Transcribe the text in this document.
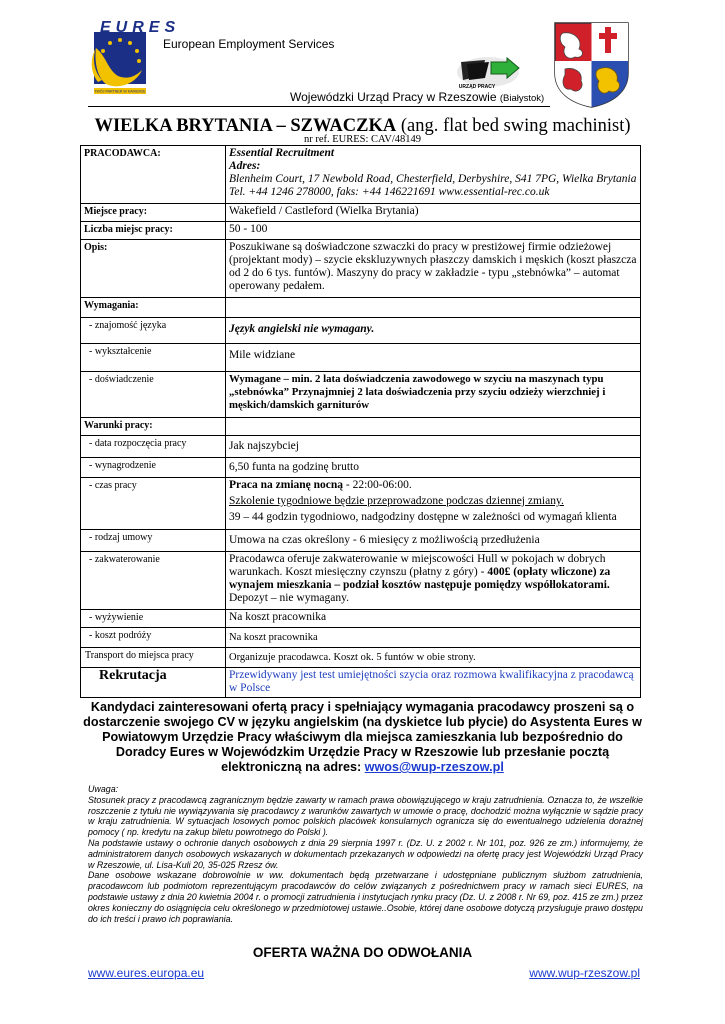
TWÓJ PARTNER W KARIERZE
EURES
European Employment Services
URZĄD PRACY
Wojewódzki Urząd Pracy w Rzeszowie (Białystok)
WIELKA BRYTANIA – SZWACZKA (ang. flat bed swing machinist)
nr ref. EURES: CAV/48149
PRACODAWCA:	Essential Recruitment
Adres:
Blenheim Court, 17 Newbold Road, Chesterfield, Derbyshire, S41 7PG, Wielka Brytania Tel. +44 1246 278000, faks: +44 146221691 www.essential-rec.co.uk

Miejsce pracy:	Wakefield / Castleford (Wielka Brytania)
Liczba miejsc pracy:	50 - 100
Opis:	Poszukiwane są doświadczone szwaczki do pracy w prestiżowej firmie odzieżowej (projektant mody) – szycie ekskluzywnych płaszczy damskich i męskich (koszt płaszcza od 2 do 6 tys. funtów). Maszyny do pracy w zakładzie - typu „stebnówka” – automat operowany pedałem.
Wymagania:	
- znajomość języka	Język angielski nie wymagany.
- wykształcenie	Mile widziane
- doświadczenie	Wymagane – min. 2 lata doświadczenia zawodowego w szyciu na maszynach typu „stebnówka” Przynajmniej 2 lata doświadczenia przy szyciu odzieży wierzchniej i męskich/damskich garniturów
Warunki pracy:	
- data rozpoczęcia pracy	Jak najszybciej
- wynagrodzenie	6,50 funta na godzinę brutto
- czas pracy	Praca na zmianę nocną - 22:00-06:00.
Szkolenie tygodniowe będzie przeprowadzone podczas dziennej zmiany.
39 – 44 godzin tygodniowo, nadgodziny dostępne w zależności od wymagań klienta

- rodzaj umowy	Umowa na czas określony - 6 miesięcy z możliwością przedłużenia
- zakwaterowanie	Pracodawca oferuje zakwaterowanie w miejscowości Hull w pokojach w dobrych warunkach. Koszt miesięczny czynszu (płatny z góry) - 400£ (opłaty wliczone) za wynajem mieszkania – podział kosztów następuje pomiędzy współlokatorami.
Depozyt – nie wymagany.

- wyżywienie	Na koszt pracownika
- koszt podróży	Na koszt pracownika
Transport do miejsca pracy	Organizuje pracodawca. Koszt ok. 5 funtów w obie strony.
Rekrutacja	Przewidywany jest test umiejętności szycia oraz rozmowa kwalifikacyjna z pracodawcą w Polsce
Kandydaci zainteresowani ofertą pracy i spełniający wymagania pracodawcy proszeni są o dostarczenie swojego CV w języku angielskim (na dyskietce lub płycie) do Asystenta Eures w Powiatowym Urzędzie Pracy właściwym dla miejsca zamieszkania lub bezpośrednio do Doradcy Eures w Wojewódzkim Urzędzie Pracy w Rzeszowie lub przesłanie pocztą elektroniczną na adres: wwos@wup-rzeszow.pl
Uwaga:
Stosunek pracy z pracodawcą zagranicznym będzie zawarty w ramach prawa obowiązującego w kraju zatrudnienia. Oznacza to, że wszelkie roszczenie z tytułu nie wywiązywania się pracodawcy z warunków zawartych w umowie o pracę, dochodzić można wyłącznie w sądzie pracy w kraju zatrudnienia. W sytuacjach losowych pomoc polskich placówek konsularnych ogranicza się do ewentualnego udzielenia doraźnej pomocy ( np. kredytu na zakup biletu powrotnego do Polski ).
Na podstawie ustawy o ochronie danych osobowych z dnia 29 sierpnia 1997 r. (Dz. U. z 2002 r. Nr 101, poz. 926 ze zm.) informujemy, że administratorem danych osobowych wskazanych w dokumentach przekazanych w odpowiedzi na ofertę pracy jest Wojewódzki Urząd Pracy w Rzeszowie, ul. Lisa-Kuli 20, 35-025 Rzesz ów.
Dane osobowe wskazane dobrowolnie w ww. dokumentach będą przetwarzane i udostępniane publicznym służbom zatrudnienia, pracodawcom lub podmiotom reprezentującym pracodawców do celów związanych z pośrednictwem pracy w ramach sieci EURES, na podstawie ustawy z dnia 20 kwietnia 2004 r. o promocji zatrudnienia i instytucjach rynku pracy (Dz. U. z 2008 r. Nr 69, poz. 415 ze zm.) przez okres konieczny do osiągnięcia celu określonego w przedmiotowej ustawie..Osobie, której dane osobowe dotyczą przysługuje prawo dostępu do ich treści i prawo ich poprawiania.
OFERTA WAŻNA DO ODWOŁANIA
www.eures.europa.eu	www.wup-rzeszow.pl
